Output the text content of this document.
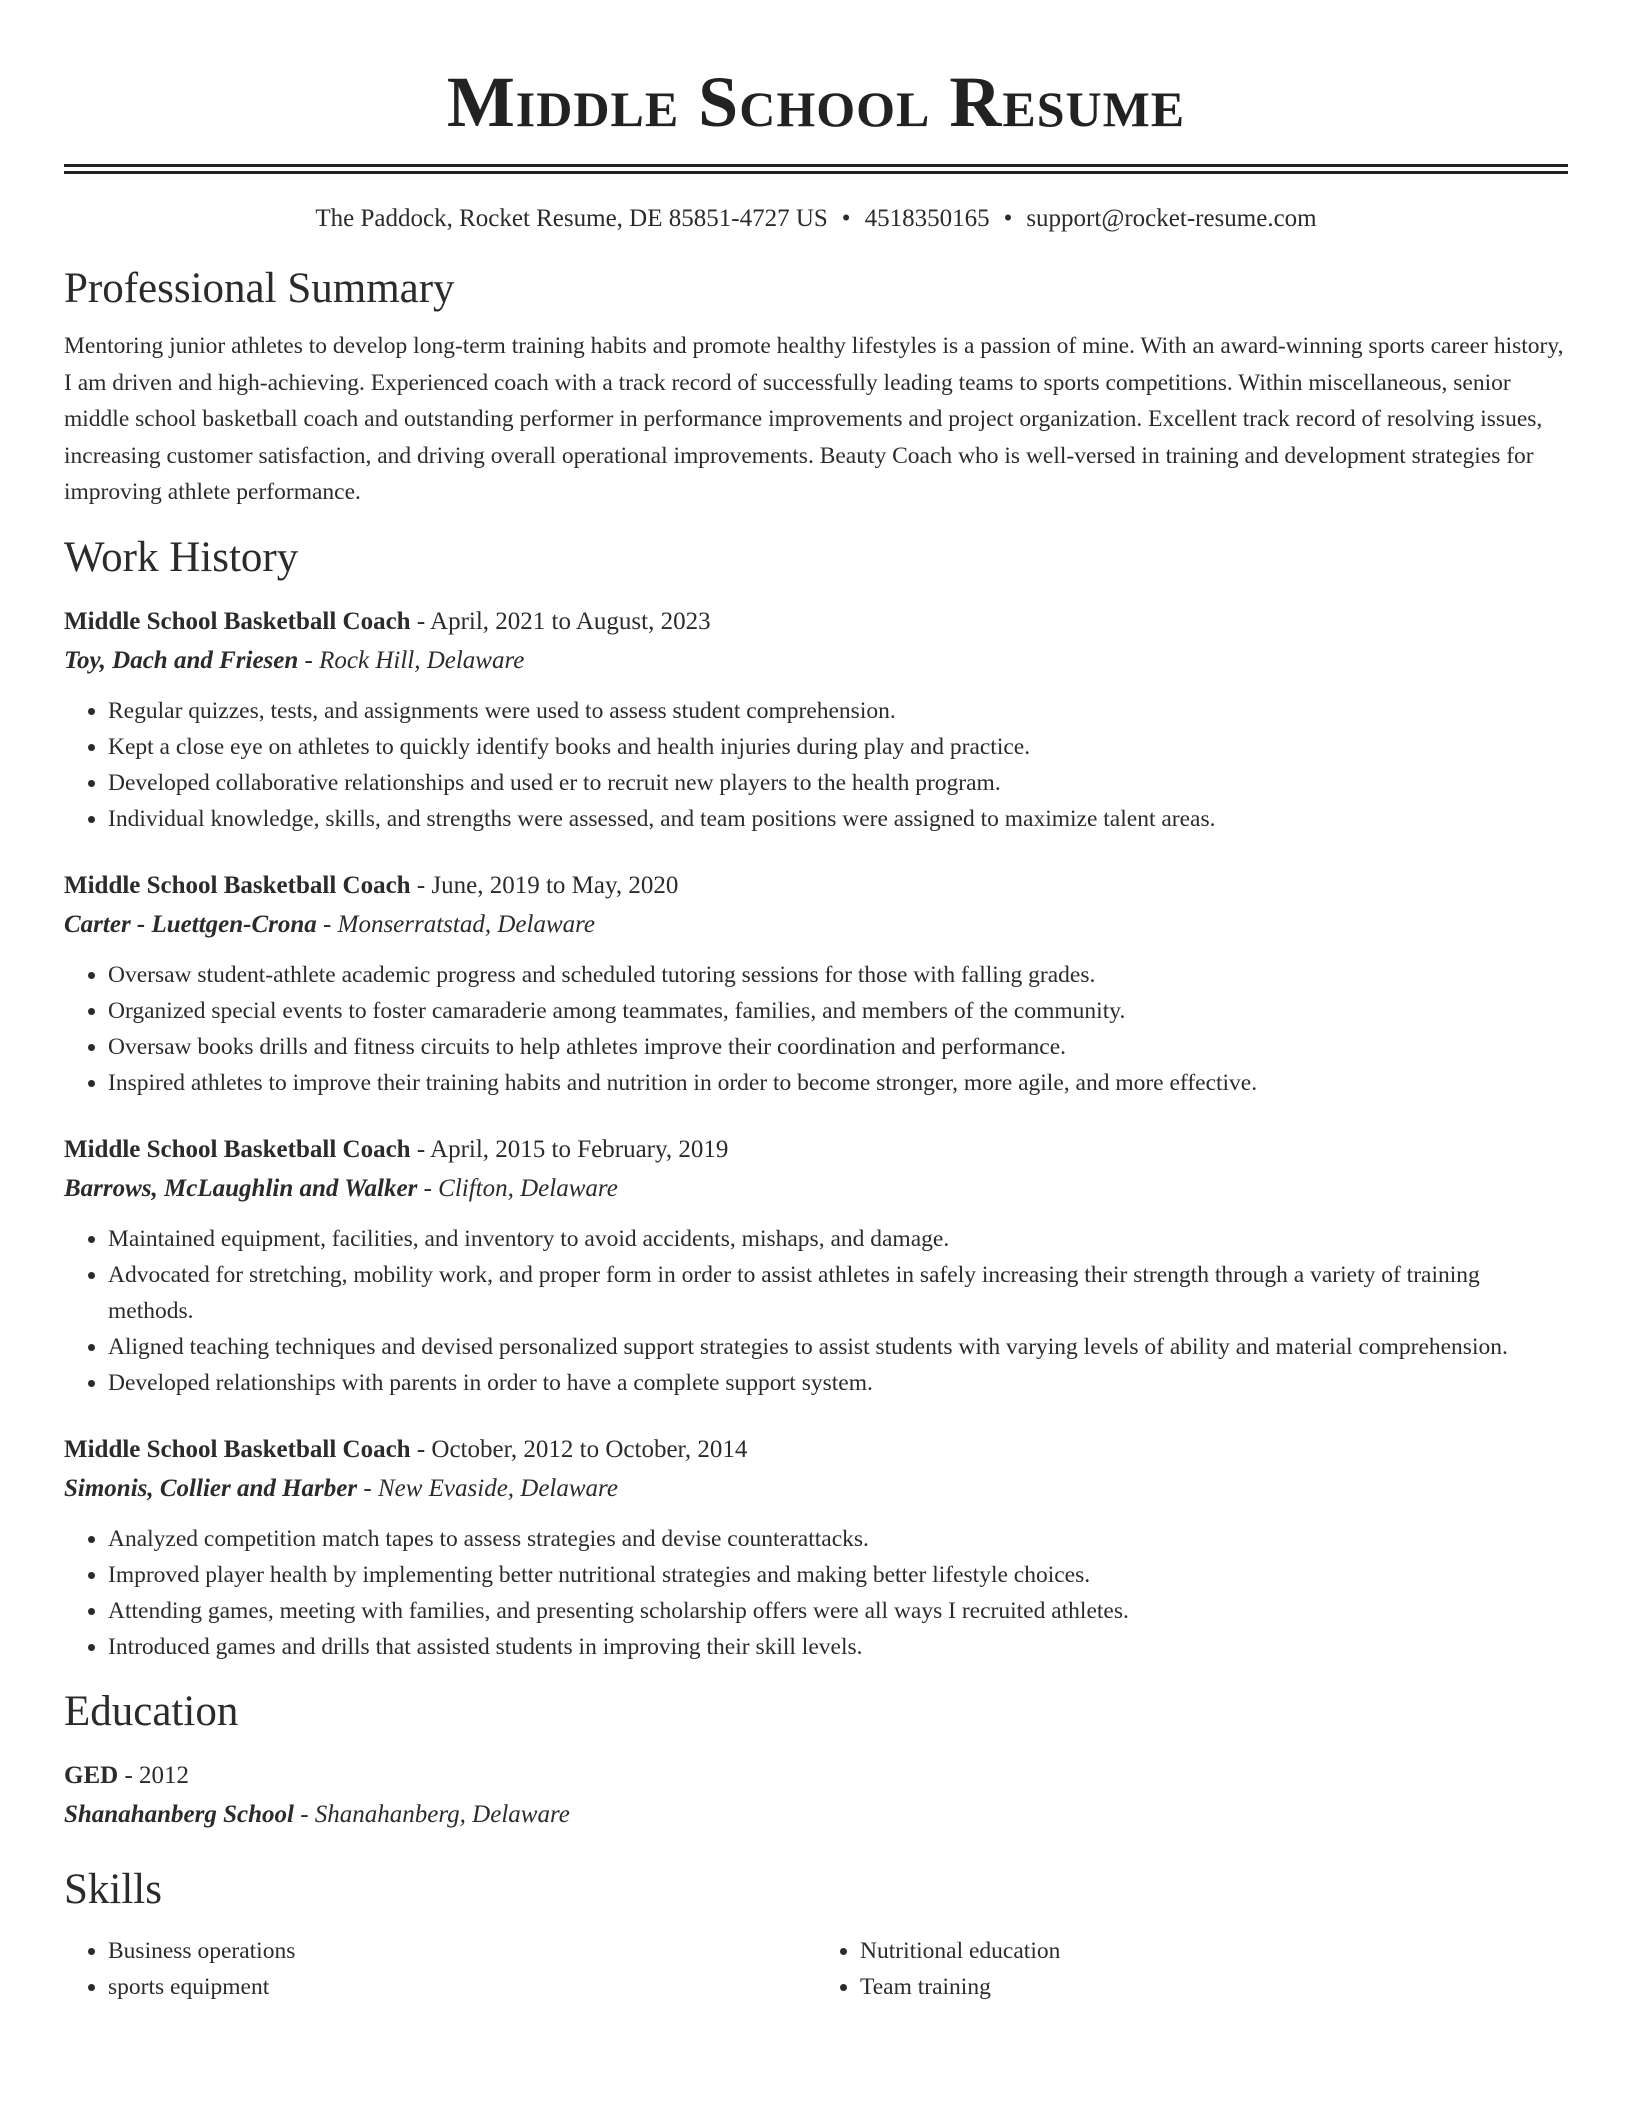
Middle School Resume
The Paddock, Rocket Resume, DE 85851-4727 US • 4518350165 • support@rocket-resume.com
Professional Summary
Mentoring junior athletes to develop long-term training habits and promote healthy lifestyles is a passion of mine. With an award-winning sports career history, I am driven and high-achieving. Experienced coach with a track record of successfully leading teams to sports competitions. Within miscellaneous, senior middle school basketball coach and outstanding performer in performance improvements and project organization. Excellent track record of resolving issues, increasing customer satisfaction, and driving overall operational improvements. Beauty Coach who is well-versed in training and development strategies for improving athlete performance.
Work History
Middle School Basketball Coach - April, 2021 to August, 2023
Toy, Dach and Friesen - Rock Hill, Delaware
• Regular quizzes, tests, and assignments were used to assess student comprehension.
• Kept a close eye on athletes to quickly identify books and health injuries during play and practice.
• Developed collaborative relationships and used er to recruit new players to the health program.
• Individual knowledge, skills, and strengths were assessed, and team positions were assigned to maximize talent areas.
Middle School Basketball Coach - June, 2019 to May, 2020
Carter - Luettgen-Crona - Monserratstad, Delaware
• Oversaw student-athlete academic progress and scheduled tutoring sessions for those with falling grades.
• Organized special events to foster camaraderie among teammates, families, and members of the community.
• Oversaw books drills and fitness circuits to help athletes improve their coordination and performance.
• Inspired athletes to improve their training habits and nutrition in order to become stronger, more agile, and more effective.
Middle School Basketball Coach - April, 2015 to February, 2019
Barrows, McLaughlin and Walker - Clifton, Delaware
• Maintained equipment, facilities, and inventory to avoid accidents, mishaps, and damage.
• Advocated for stretching, mobility work, and proper form in order to assist athletes in safely increasing their strength through a variety of training methods.
• Aligned teaching techniques and devised personalized support strategies to assist students with varying levels of ability and material comprehension.
• Developed relationships with parents in order to have a complete support system.
Middle School Basketball Coach - October, 2012 to October, 2014
Simonis, Collier and Harber - New Evaside, Delaware
• Analyzed competition match tapes to assess strategies and devise counterattacks.
• Improved player health by implementing better nutritional strategies and making better lifestyle choices.
• Attending games, meeting with families, and presenting scholarship offers were all ways I recruited athletes.
• Introduced games and drills that assisted students in improving their skill levels.
Education
GED - 2012
Shanahanberg School - Shanahanberg, Delaware
Skills
• Business operations
• sports equipment
• Nutritional education
• Team training
